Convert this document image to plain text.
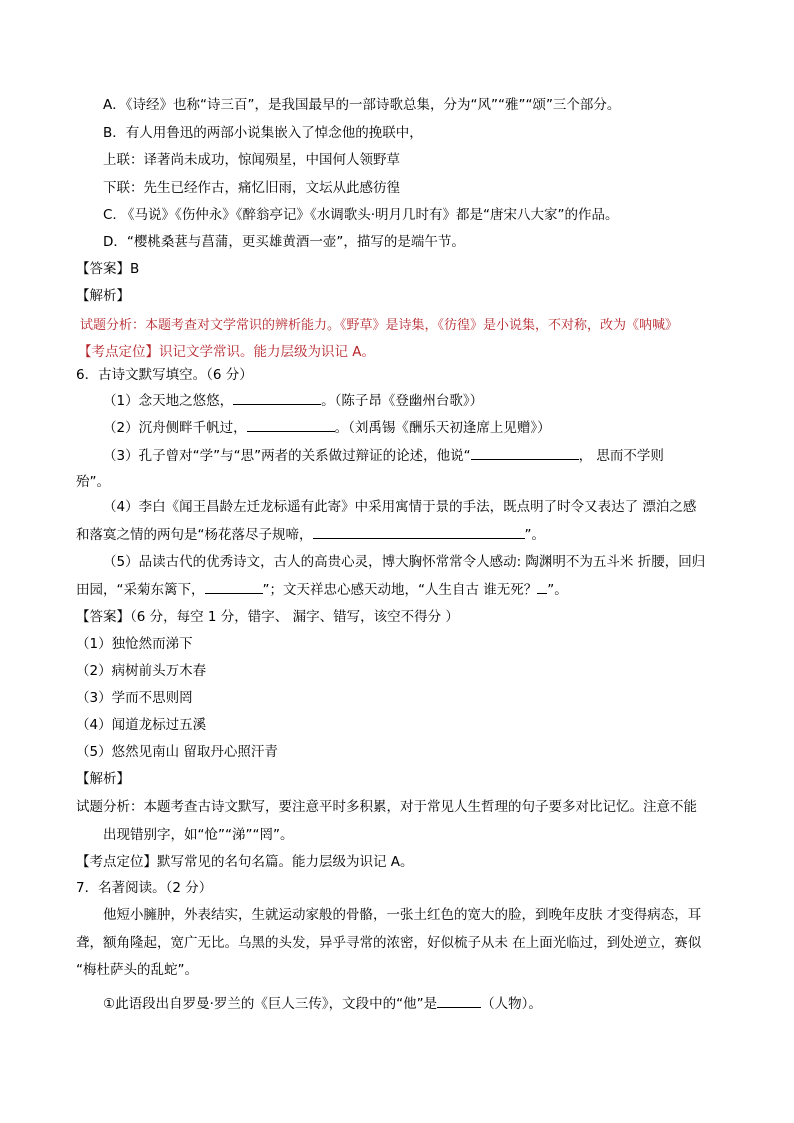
A．《诗经》也称“诗三百”，是我国最早的一部诗歌总集，分为“风”“雅”“颂”三个部分。
B．有人用鲁迅的两部小说集嵌入了悼念他的挽联中，
上联：译著尚未成功，惊闻殒星，中国何人领野草
下联：先生已经作古，痛忆旧雨，文坛从此感彷徨
C. 《马说》《伤仲永》《醉翁亭记》《水调歌头·明月几时有》都是“唐宋八大家”的作品。
D．“樱桃桑葚与菖蒲，更买雄黄酒一壶”，描写的是端午节。
【答案】B
【解析】
试题分析：本题考查对文学常识的辨析能力。《野草》是诗集，《彷徨》是小说集，不对称，改为《呐喊》
【考点定位】识记文学常识。能力层级为识记 A。
6．古诗文默写填空。（6 分）
（1）念天地之悠悠，	。（陈子昂《登幽州台歌》）
（2）沉舟侧畔千帆过，	。（刘禹锡《酬乐天初逢席上见赠》）
（3）孔子曾对“学”与“思”两者的关系做过辩证的论述，他说“	， 思而不学则
殆”。
（4）李白《闻王昌龄左迁龙标遥有此寄》中采用寓情于景的手法，既点明了时令又表达了 漂泊之感
和落寞之情的两句是“杨花落尽子规啼，	”。
（5）品读古代的优秀诗文，古人的高贵心灵，博大胸怀常常令人感动: 陶渊明不为五斗米 折腰，回归
田园，“采菊东篱下，	”；文天祥忠心感天动地，“人生自古 谁无死？ ”。
【答案】（6 分，每空 1 分，错字、 漏字、错写，该空不得分 ）
（1）独怆然而涕下
（2）病树前头万木春
（3）学而不思则罔
（4）闻道龙标过五溪
（5）悠然见南山 留取丹心照汗青
【解析】
试题分析：本题考查古诗文默写，要注意平时多积累，对于常见人生哲理的句子要多对比记忆。注意不能
出现错别字，如“怆”“涕”“罔”。
【考点定位】默写常见的名句名篇。能力层级为识记 A。
7．名著阅读。（2 分）
他短小臃肿，外表结实，生就运动家般的骨骼，一张土红色的宽大的脸，到晚年皮肤 才变得病态，耳
聋，额角隆起，宽广无比。乌黑的头发，异乎寻常的浓密，好似梳子从未 在上面光临过，到处逆立，赛似
“梅杜萨头的乱蛇”。
①此语段出自罗曼·罗兰的《巨人三传》，文段中的“他”是	（人物）。
